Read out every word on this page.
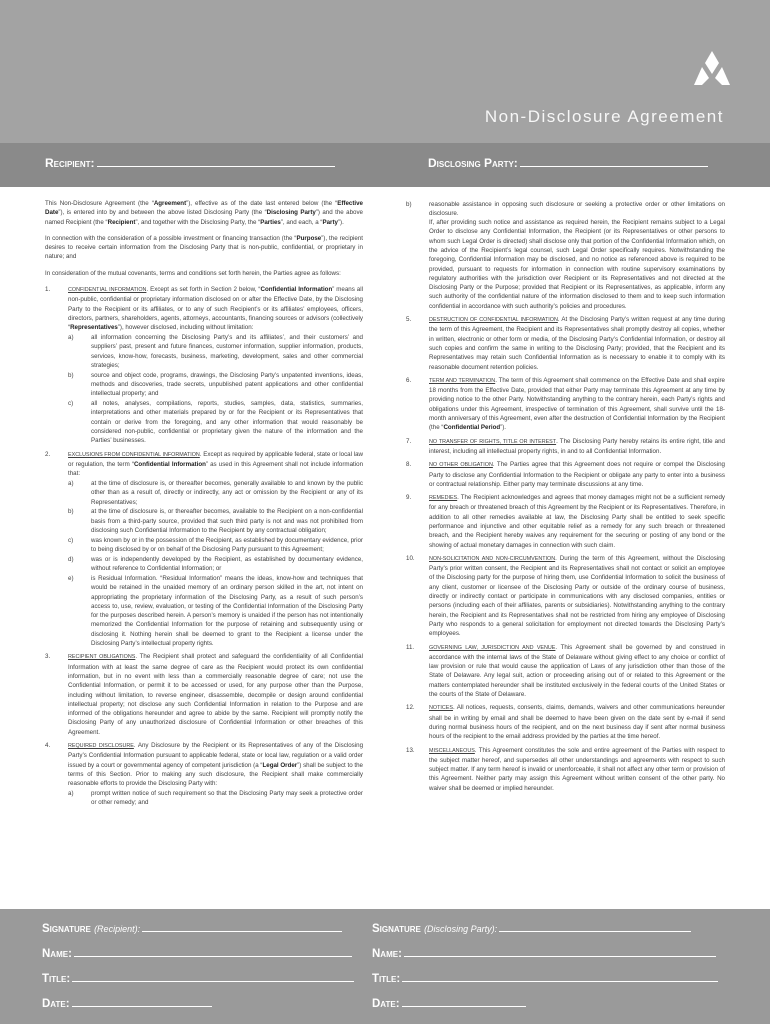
Non-Disclosure Agreement
Recipient:	Disclosing Party:

This Non-Disclosure Agreement (the “Agreement”), effective as of the date last entered below (the “Effective Date”), is entered into by and between the above listed Disclosing Party (the “Disclosing Party”) and the above named Recipient (the “Recipient”, and together with the Disclosing Party, the “Parties”, and each, a “Party”).

In connection with the consideration of a possible investment or financing transaction (the “Purpose”), the recipient desires to receive certain information from the Disclosing Party that is non-public, confidential, or proprietary in nature; and

In consideration of the mutual covenants, terms and conditions set forth herein, the Parties agree as follows:

1.	CONFIDENTIAL INFORMATION. Except as set forth in Section 2 below, “Confidential Information” means all non-public, confidential or proprietary information disclosed on or after the Effective Date, by the Disclosing Party to the Recipient or its affiliates, or to any of such Recipient’s or its affiliates’ employees, officers, directors, partners, shareholders, agents, attorneys, accountants, financing sources or advisors (collectively “Representatives”), however disclosed, including without limitation:
a)	all information concerning the Disclosing Party’s and its affiliates’, and their customers’ and suppliers’ past, present and future finances, customer information, supplier information, products, services, know-how, forecasts, business, marketing, development, sales and other commercial strategies;
b)	source and object code, programs, drawings, the Disclosing Party’s unpatented inventions, ideas, methods and discoveries, trade secrets, unpublished patent applications and other confidential intellectual property; and
c)	all notes, analyses, compilations, reports, studies, samples, data, statistics, summaries, interpretations and other materials prepared by or for the Recipient or its Representatives that contain or derive from the foregoing, and any other information that would reasonably be considered non-public, confidential or proprietary given the nature of the information and the Parties’ businesses.
2.	EXCLUSIONS FROM CONFIDENTIAL INFORMATION. Except as required by applicable federal, state or local law or regulation, the term “Confidential Information” as used in this Agreement shall not include information that:
a)	at the time of disclosure is, or thereafter becomes, generally available to and known by the public other than as a result of, directly or indirectly, any act or omission by the Recipient or any of its Representatives;
b)	at the time of disclosure is, or thereafter becomes, available to the Recipient on a non-confidential basis from a third-party source, provided that such third party is not and was not prohibited from disclosing such Confidential Information to the Recipient by any contractual obligation;
c)	was known by or in the possession of the Recipient, as established by documentary evidence, prior to being disclosed by or on behalf of the Disclosing Party pursuant to this Agreement;
d)	was or is independently developed by the Recipient, as established by documentary evidence, without reference to Confidential Information; or
e)	is Residual Information. “Residual Information” means the ideas, know-how and techniques that would be retained in the unaided memory of an ordinary person skilled in the art, not intent on appropriating the proprietary information of the Disclosing Party, as a result of such person’s access to, use, review, evaluation, or testing of the Confidential Information of the Disclosing Party for the purposes described herein. A person’s memory is unaided if the person has not intentionally memorized the Confidential Information for the purpose of retaining and subsequently using or disclosing it. Nothing herein shall be deemed to grant to the Recipient a license under the Disclosing Party’s intellectual property rights.
3.	RECIPIENT OBLIGATIONS. The Recipient shall protect and safeguard the confidentiality of all Confidential Information with at least the same degree of care as the Recipient would protect its own confidential information, but in no event with less than a commercially reasonable degree of care; not use the Confidential Information, or permit it to be accessed or used, for any purpose other than the Purpose, including without limitation, to reverse engineer, disassemble, decompile or design around confidential intellectual property; not disclose any such Confidential Information in relation to the Purpose and are informed of the obligations hereunder and agree to abide by the same. Recipient will promptly notify the Disclosing Party of any unauthorized disclosure of Confidential Information or other breaches of this Agreement.
4.	REQUIRED DISCLOSURE. Any Disclosure by the Recipient or its Representatives of any of the Disclosing Party’s Confidential Information pursuant to applicable federal, state or local law, regulation or a valid order issued by a court or governmental agency of competent jurisdiction (a “Legal Order”) shall be subject to the terms of this Section. Prior to making any such disclosure, the Recipient shall make commercially reasonable efforts to provide the Disclosing Party with:
a)	prompt written notice of such requirement so that the Disclosing Party may seek a protective order or other remedy; and
b)	reasonable assistance in opposing such disclosure or seeking a protective order or other limitations on disclosure.
If, after providing such notice and assistance as required herein, the Recipient remains subject to a Legal Order to disclose any Confidential Information, the Recipient (or its Representatives or other persons to whom such Legal Order is directed) shall disclose only that portion of the Confidential Information which, on the advice of the Recipient’s legal counsel, such Legal Order specifically requires. Notwithstanding the foregoing, Confidential Information may be disclosed, and no notice as referenced above is required to be provided, pursuant to requests for information in connection with routine supervisory examinations by regulatory authorities with the jurisdiction over Recipient or its Representatives and not directed at the Disclosing Party or the Purpose; provided that Recipient or its Representatives, as applicable, inform any such authority of the confidential nature of the information disclosed to them and to keep such information confidential in accordance with such authority’s policies and procedures.
5.	DESTRUCTION OF CONFIDENTIAL INFORMATION. At the Disclosing Party’s written request at any time during the term of this Agreement, the Recipient and its Representatives shall promptly destroy all copies, whether in written, electronic or other form or media, of the Disclosing Party’s Confidential Information, or destroy all such copies and confirm the same in writing to the Disclosing Party; provided, that the Recipient and its Representatives may retain such Confidential Information as is necessary to enable it to comply with its reasonable document retention policies.
6.	TERM AND TERMINATION. The term of this Agreement shall commence on the Effective Date and shall expire 18 months from the Effective Date, provided that either Party may terminate this Agreement at any time by providing notice to the other Party. Notwithstanding anything to the contrary herein, each Party’s rights and obligations under this Agreement, irrespective of termination of this Agreement, shall survive until the 18-month anniversary of this Agreement, even after the destruction of Confidential Information by the Recipient (the “Confidential Period”).
7.	NO TRANSFER OF RIGHTS, TITLE OR INTEREST. The Disclosing Party hereby retains its entire right, title and interest, including all intellectual property rights, in and to all Confidential Information.
8.	NO OTHER OBLIGATION. The Parties agree that this Agreement does not require or compel the Disclosing Party to disclose any Confidential Information to the Recipient or obligate any party to enter into a business or contractual relationship. Either party may terminate discussions at any time.
9.	REMEDIES. The Recipient acknowledges and agrees that money damages might not be a sufficient remedy for any breach or threatened breach of this Agreement by the Recipient or its Representatives. Therefore, in addition to all other remedies available at law, the Disclosing Party shall be entitled to seek specific performance and injunctive and other equitable relief as a remedy for any such breach or threatened breach, and the Recipient hereby waives any requirement for the securing or posting of any bond or the showing of actual monetary damages in connection with such claim.
10.	NON-SOLICITATION AND NON-CIRCUMVENTION. During the term of this Agreement, without the Disclosing Party’s prior written consent, the Recipient and its Representatives shall not contact or solicit an employee of the Disclosing party for the purpose of hiring them, use Confidential Information to solicit the business of any client, customer or licensee of the Disclosing Party or outside of the ordinary course of business, directly or indirectly contact or participate in communications with any disclosed companies, entities or persons (including each of their affiliates, parents or subsidiaries). Notwithstanding anything to the contrary herein, the Recipient and its Representatives shall not be restricted from hiring any employee of Disclosing Party who responds to a general solicitation for employment not directed towards the Disclosing Party’s employees.
11.	GOVERNING LAW, JURISDICTION AND VENUE. This Agreement shall be governed by and construed in accordance with the internal laws of the State of Delaware without giving effect to any choice or conflict of law provision or rule that would cause the application of Laws of any jurisdiction other than those of the State of Delaware. Any legal suit, action or proceeding arising out of or related to this Agreement or the matters contemplated hereunder shall be instituted exclusively in the federal courts of the United States or the courts of the State of Delaware.
12.	NOTICES. All notices, requests, consents, claims, demands, waivers and other communications hereunder shall be in writing by email and shall be deemed to have been given on the date sent by e-mail if send during normal business hours of the recipient, and on the next business day if sent after normal business hours of the recipient to the email address provided by the parties at the time hereof.
13.	MISCELLANEOUS. This Agreement constitutes the sole and entire agreement of the Parties with respect to the subject matter hereof, and supersedes all other understandings and agreements with respect to such subject matter. If any term hereof is invalid or unenforceable, it shall not affect any other term or provision of this Agreement. Neither party may assign this Agreement without written consent of the other party. No waiver shall be deemed or implied hereunder.
Signature (Recipient):
Name:
Title:
Date:
Signature (Disclosing Party):
Name:
Title:
Date:
